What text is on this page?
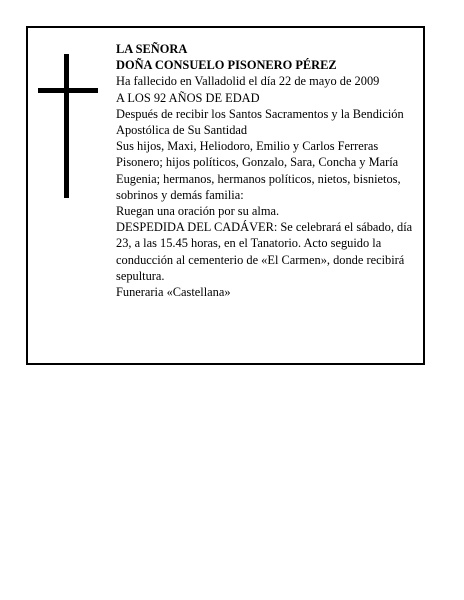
LA SEÑORA

DOÑA CONSUELO PISONERO PÉREZ

Ha fallecido en Valladolid el día 22 de mayo de 2009

A LOS 92 AÑOS DE EDAD

Después de recibir los Santos Sacramentos y la Bendición Apostólica de Su Santidad

Sus hijos, Maxi, Heliodoro, Emilio y Carlos Ferreras Pisonero; hijos políticos, Gonzalo, Sara, Concha y María Eugenia; hermanos, hermanos políticos, nietos, bisnietos, sobrinos y demás familia:

Ruegan una oración por su alma.

DESPEDIDA DEL CADÁVER: Se celebrará el sábado, día 23, a las 15.45 horas, en el Tanatorio. Acto seguido la conducción al cementerio de «El Carmen», donde recibirá sepultura.

Funeraria «Castellana»
